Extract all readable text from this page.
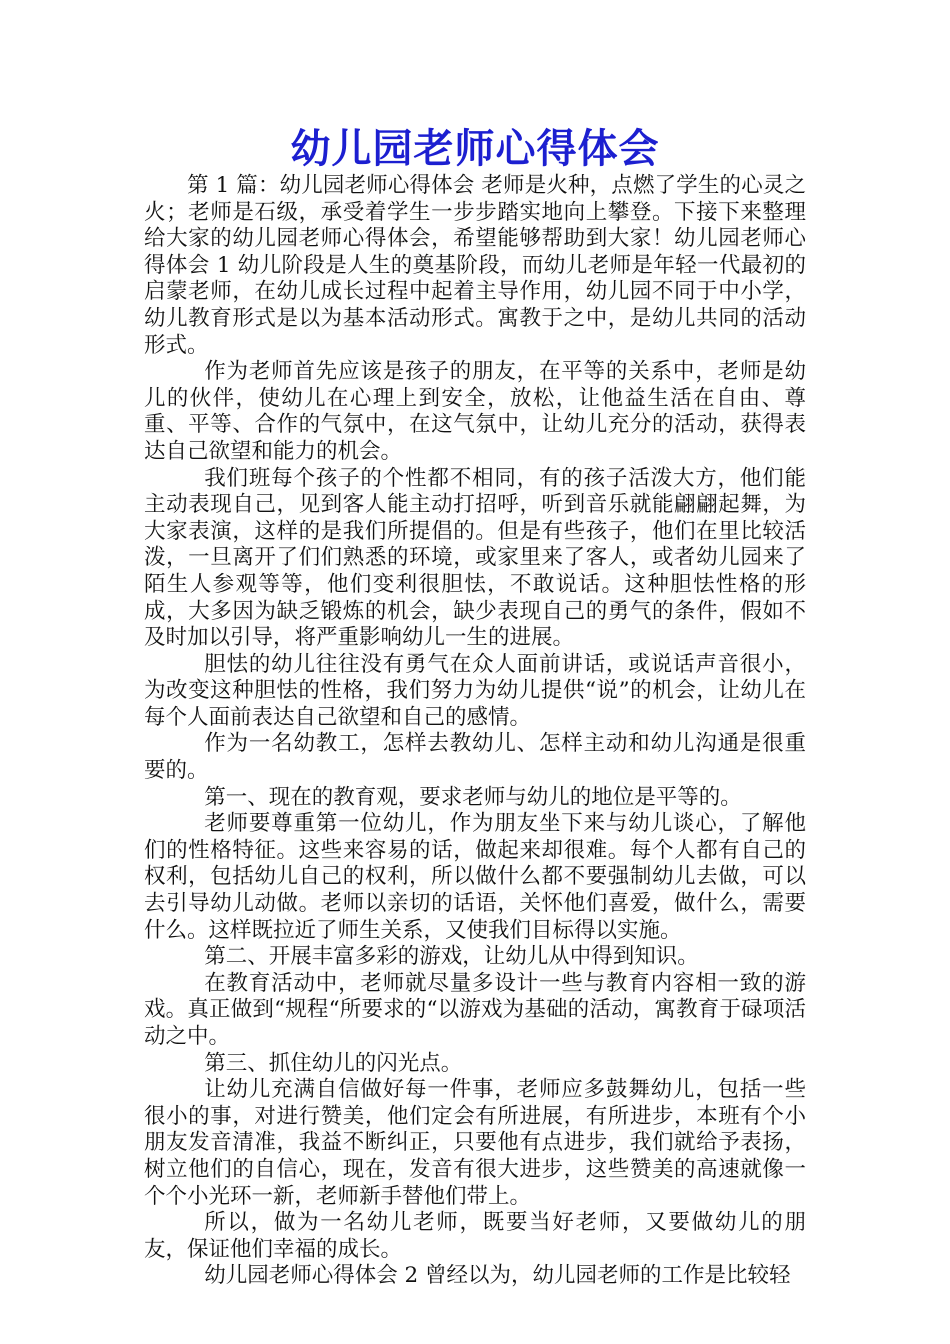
幼儿园老师心得体会

第 1 篇：幼儿园老师心得体会 老师是火种，点燃了学生的心灵之火；老师是石级，承受着学生一步步踏实地向上攀登。下接下来整理给大家的幼儿园老师心得体会，希望能够帮助到大家！幼儿园老师心得体会 1 幼儿阶段是人生的奠基阶段，而幼儿老师是年轻一代最初的启蒙老师，在幼儿成长过程中起着主导作用，幼儿园不同于中小学，幼儿教育形式是以为基本活动形式。寓教于之中，是幼儿共同的活动形式。

作为老师首先应该是孩子的朋友，在平等的关系中，老师是幼儿的伙伴，使幼儿在心理上到安全，放松，让他益生活在自由、尊重、平等、合作的气氛中，在这气氛中，让幼儿充分的活动，获得表达自己欲望和能力的机会。

我们班每个孩子的个性都不相同，有的孩子活泼大方，他们能主动表现自己，见到客人能主动打招呼，听到音乐就能翩翩起舞，为大家表演，这样的是我们所提倡的。但是有些孩子，他们在里比较活泼，一旦离开了们们熟悉的环境，或家里来了客人，或者幼儿园来了陌生人参观等等，他们变利很胆怯，不敢说话。这种胆怯性格的形成，大多因为缺乏锻炼的机会，缺少表现自己的勇气的条件，假如不及时加以引导，将严重影响幼儿一生的进展。

胆怯的幼儿往往没有勇气在众人面前讲话，或说话声音很小，为改变这种胆怯的性格，我们努力为幼儿提供“说”的机会，让幼儿在每个人面前表达自己欲望和自己的感情。

作为一名幼教工，怎样去教幼儿、怎样主动和幼儿沟通是很重要的。

第一、现在的教育观，要求老师与幼儿的地位是平等的。

老师要尊重第一位幼儿，作为朋友坐下来与幼儿谈心，了解他们的性格特征。这些来容易的话，做起来却很难。每个人都有自己的权利，包括幼儿自己的权利，所以做什么都不要强制幼儿去做，可以去引导幼儿动做。老师以亲切的话语，关怀他们喜爱，做什么，需要什么。这样既拉近了师生关系，又使我们目标得以实施。

第二、开展丰富多彩的游戏，让幼儿从中得到知识。

在教育活动中，老师就尽量多设计一些与教育内容相一致的游戏。真正做到“规程“所要求的“以游戏为基础的活动，寓教育于碌项活动之中。

第三、抓住幼儿的闪光点。

让幼儿充满自信做好每一件事，老师应多鼓舞幼儿，包括一些很小的事，对进行赞美，他们定会有所进展，有所进步，本班有个小朋友发音清准，我益不断纠正，只要他有点进步，我们就给予表扬，树立他们的自信心，现在，发音有很大进步，这些赞美的高速就像一个个小光环一新，老师新手替他们带上。

所以，做为一名幼儿老师，既要当好老师，又要做幼儿的朋友，保证他们幸福的成长。

幼儿园老师心得体会 2 曾经以为，幼儿园老师的工作是比较轻
